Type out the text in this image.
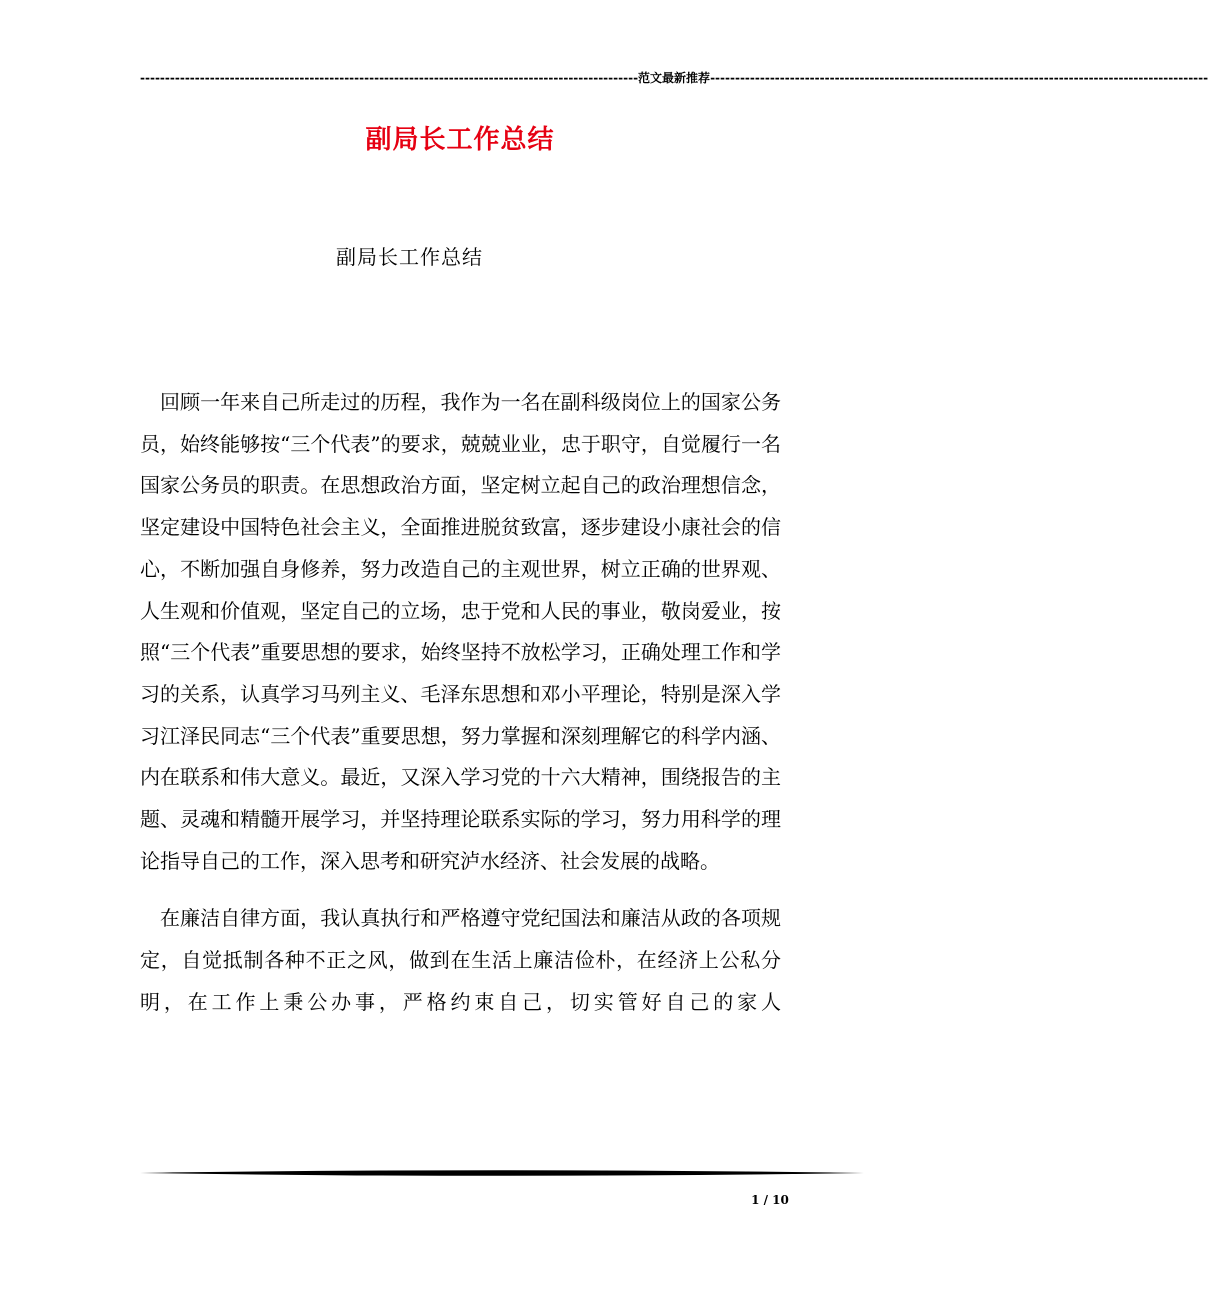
---------------------------------------------------------------------------------------------------- 范文最新推荐 ----------------------------------------------------------------------------------------------------
副局长工作总结
副局长工作总结

回顾一年来自己所走过的历程，我作为一名在副科级岗位上的国家公务员，始终能够按“三个代表”的要求，兢兢业业，忠于职守，自觉履行一名国家公务员的职责。在思想政治方面，坚定树立起自己的政治理想信念，坚定建设中国特色社会主义，全面推进脱贫致富，逐步建设小康社会的信心，不断加强自身修养，努力改造自己的主观世界，树立正确的世界观、人生观和价值观，坚定自己的立场，忠于党和人民的事业，敬岗爱业，按照“三个代表”重要思想的要求，始终坚持不放松学习，正确处理工作和学习的关系，认真学习马列主义、毛泽东思想和邓小平理论，特别是深入学习江泽民同志“三个代表”重要思想，努力掌握和深刻理解它的科学内涵、内在联系和伟大意义。最近，又深入学习党的十六大精神，围绕报告的主题、灵魂和精髓开展学习，并坚持理论联系实际的学习，努力用科学的理论指导自己的工作，深入思考和研究泸水经济、社会发展的战略。

在廉洁自律方面，我认真执行和严格遵守党纪国法和廉洁从政的各项规定，自觉抵制各种不正之风，做到在生活上廉洁俭朴，在经济上公私分明，在工作上秉公办事，严格约束自己，切实管好自己的家人

1 / 10
